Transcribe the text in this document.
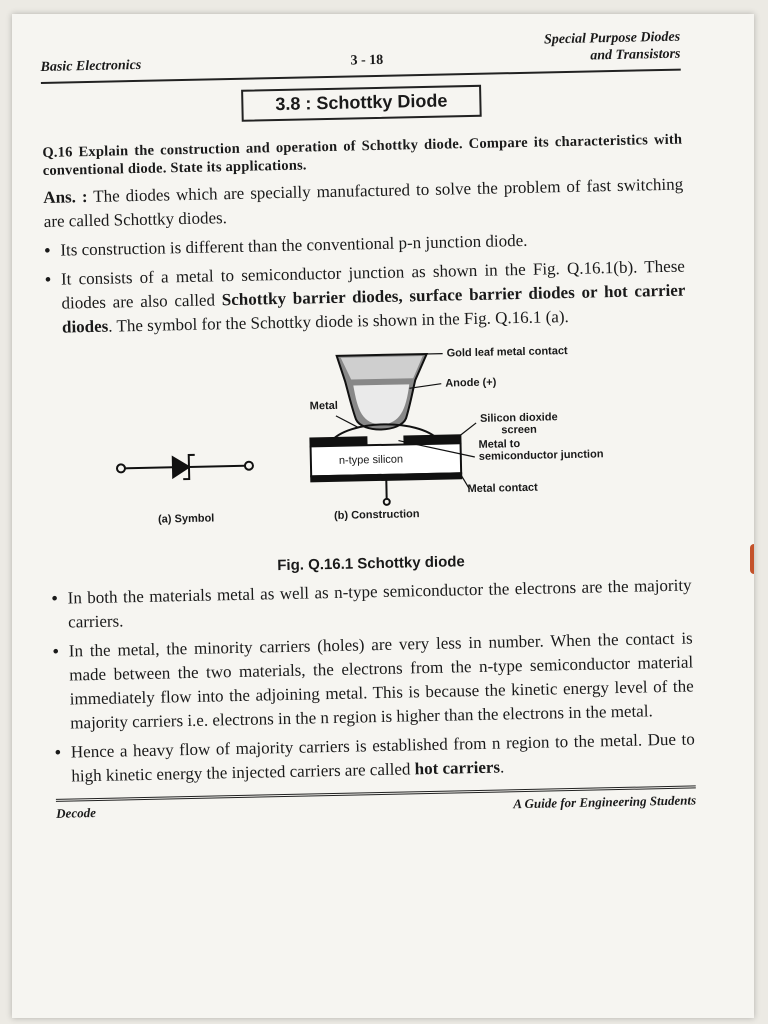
Basic Electronics	3 - 18
Special Purpose Diodes
and Transistors
3.8 : Schottky Diode
Q.16 Explain the construction and operation of Schottky diode. Compare its characteristics with conventional diode. State its applications.
Ans. : The diodes which are specially manufactured to solve the problem of fast switching are called Schottky diodes.
• Its construction is different than the conventional p-n junction diode.
• It consists of a metal to semiconductor junction as shown in the Fig. Q.16.1(b). These diodes are also called Schottky barrier diodes, surface barrier diodes or hot carrier diodes. The symbol for the Schottky diode is shown in the Fig. Q.16.1 (a).
Gold leaf metal contact
Anode (+)
Metal
Silicon dioxide
screen
Metal to
semiconductor junction
n-type silicon
Metal contact
(a) Symbol	(b) Construction
Fig. Q.16.1 Schottky diode
• In both the materials metal as well as n-type semiconductor the electrons are the majority carriers.
• In the metal, the minority carriers (holes) are very less in number. When the contact is made between the two materials, the electrons from the n-type semiconductor material immediately flow into the adjoining metal. This is because the kinetic energy level of the majority carriers i.e. electrons in the n region is higher than the electrons in the metal.
• Hence a heavy flow of majority carriers is established from n region to the metal. Due to high kinetic energy the injected carriers are called hot carriers.
Decode
A Guide for Engineering Students
